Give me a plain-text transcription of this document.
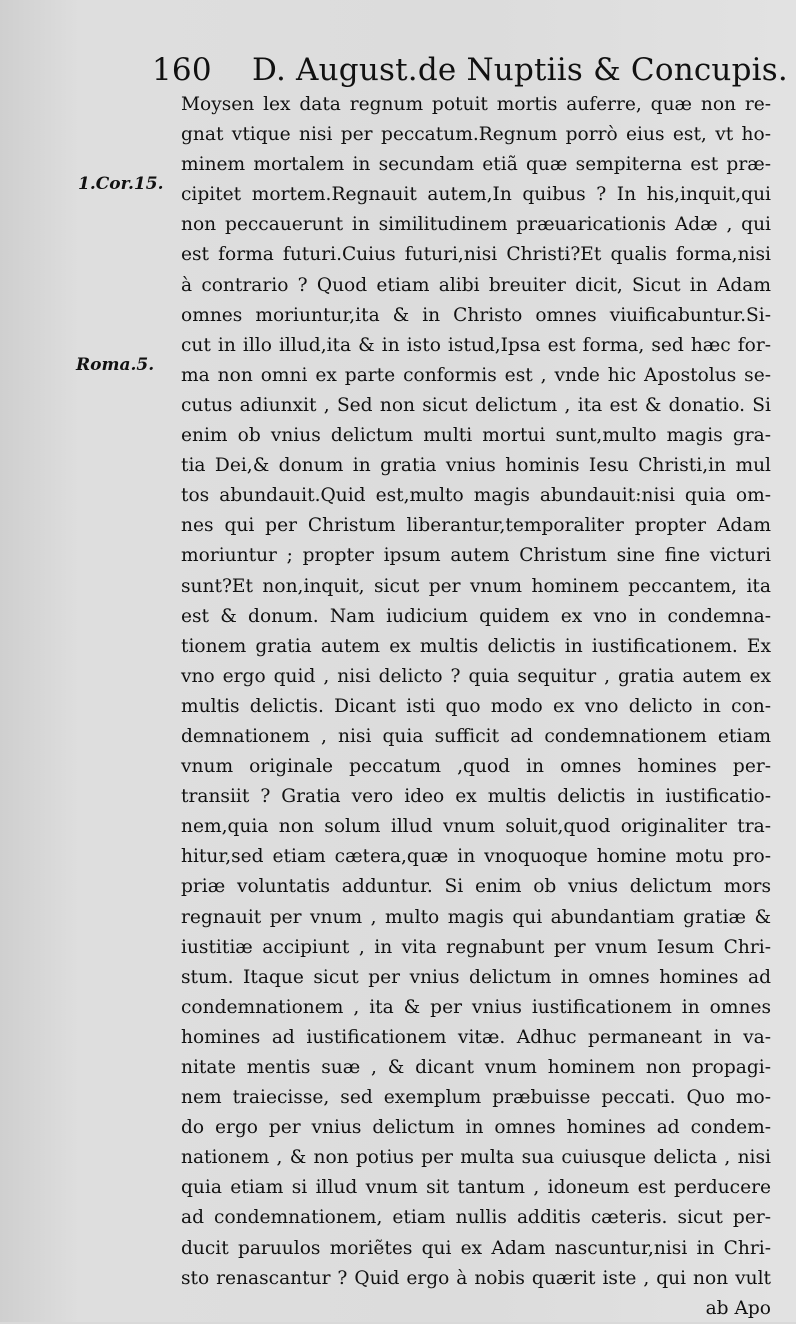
160 D. August.de Nuptiis & Concupis.
1.Cor.15.
Roma.5.
Moysen lex data regnum potuit mortis auferre, quæ non re-
gnat vtique nisi per peccatum.Regnum porrò eius est, vt ho-
minem mortalem in secundam etiã quæ sempiterna est præ-
cipitet mortem.Regnauit autem,In quibus ? In his,inquit,qui
non peccauerunt in similitudinem præuaricationis Adæ , qui
est forma futuri.Cuius futuri,nisi Christi?Et qualis forma,nisi
à contrario ? Quod etiam alibi breuiter dicit, Sicut in Adam
omnes moriuntur,ita & in Christo omnes viuificabuntur.Si-
cut in illo illud,ita & in isto istud,Ipsa est forma, sed hæc for-
ma non omni ex parte conformis est , vnde hic Apostolus se-
cutus adiunxit , Sed non sicut delictum , ita est & donatio. Si
enim ob vnius delictum multi mortui sunt,multo magis gra-
tia Dei,& donum in gratia vnius hominis Iesu Christi,in mul
tos abundauit.Quid est,multo magis abundauit:nisi quia om-
nes qui per Christum liberantur,temporaliter propter Adam
moriuntur ; propter ipsum autem Christum sine fine victuri
sunt?Et non,inquit, sicut per vnum hominem peccantem, ita
est & donum. Nam iudicium quidem ex vno in condemna-
tionem gratia autem ex multis delictis in iustificationem. Ex
vno ergo quid , nisi delicto ? quia sequitur , gratia autem ex
multis delictis. Dicant isti quo modo ex vno delicto in con-
demnationem , nisi quia sufficit ad condemnationem etiam
vnum originale peccatum ,quod in omnes homines per-
transiit ? Gratia vero ideo ex multis delictis in iustificatio-
nem,quia non solum illud vnum soluit,quod originaliter tra-
hitur,sed etiam cætera,quæ in vnoquoque homine motu pro-
priæ voluntatis adduntur. Si enim ob vnius delictum mors
regnauit per vnum , multo magis qui abundantiam gratiæ &
iustitiæ accipiunt , in vita regnabunt per vnum Iesum Chri-
stum. Itaque sicut per vnius delictum in omnes homines ad
condemnationem , ita & per vnius iustificationem in omnes
homines ad iustificationem vitæ. Adhuc permaneant in va-
nitate mentis suæ , & dicant vnum hominem non propagi-
nem traiecisse, sed exemplum præbuisse peccati. Quo mo-
do ergo per vnius delictum in omnes homines ad condem-
nationem , & non potius per multa sua cuiusque delicta , nisi
quia etiam si illud vnum sit tantum , idoneum est perducere
ad condemnationem, etiam nullis additis cæteris. sicut per-
ducit paruulos moriẽtes qui ex Adam nascuntur,nisi in Chri-
sto renascantur ? Quid ergo à nobis quærit iste , qui non vult
ab Apo
